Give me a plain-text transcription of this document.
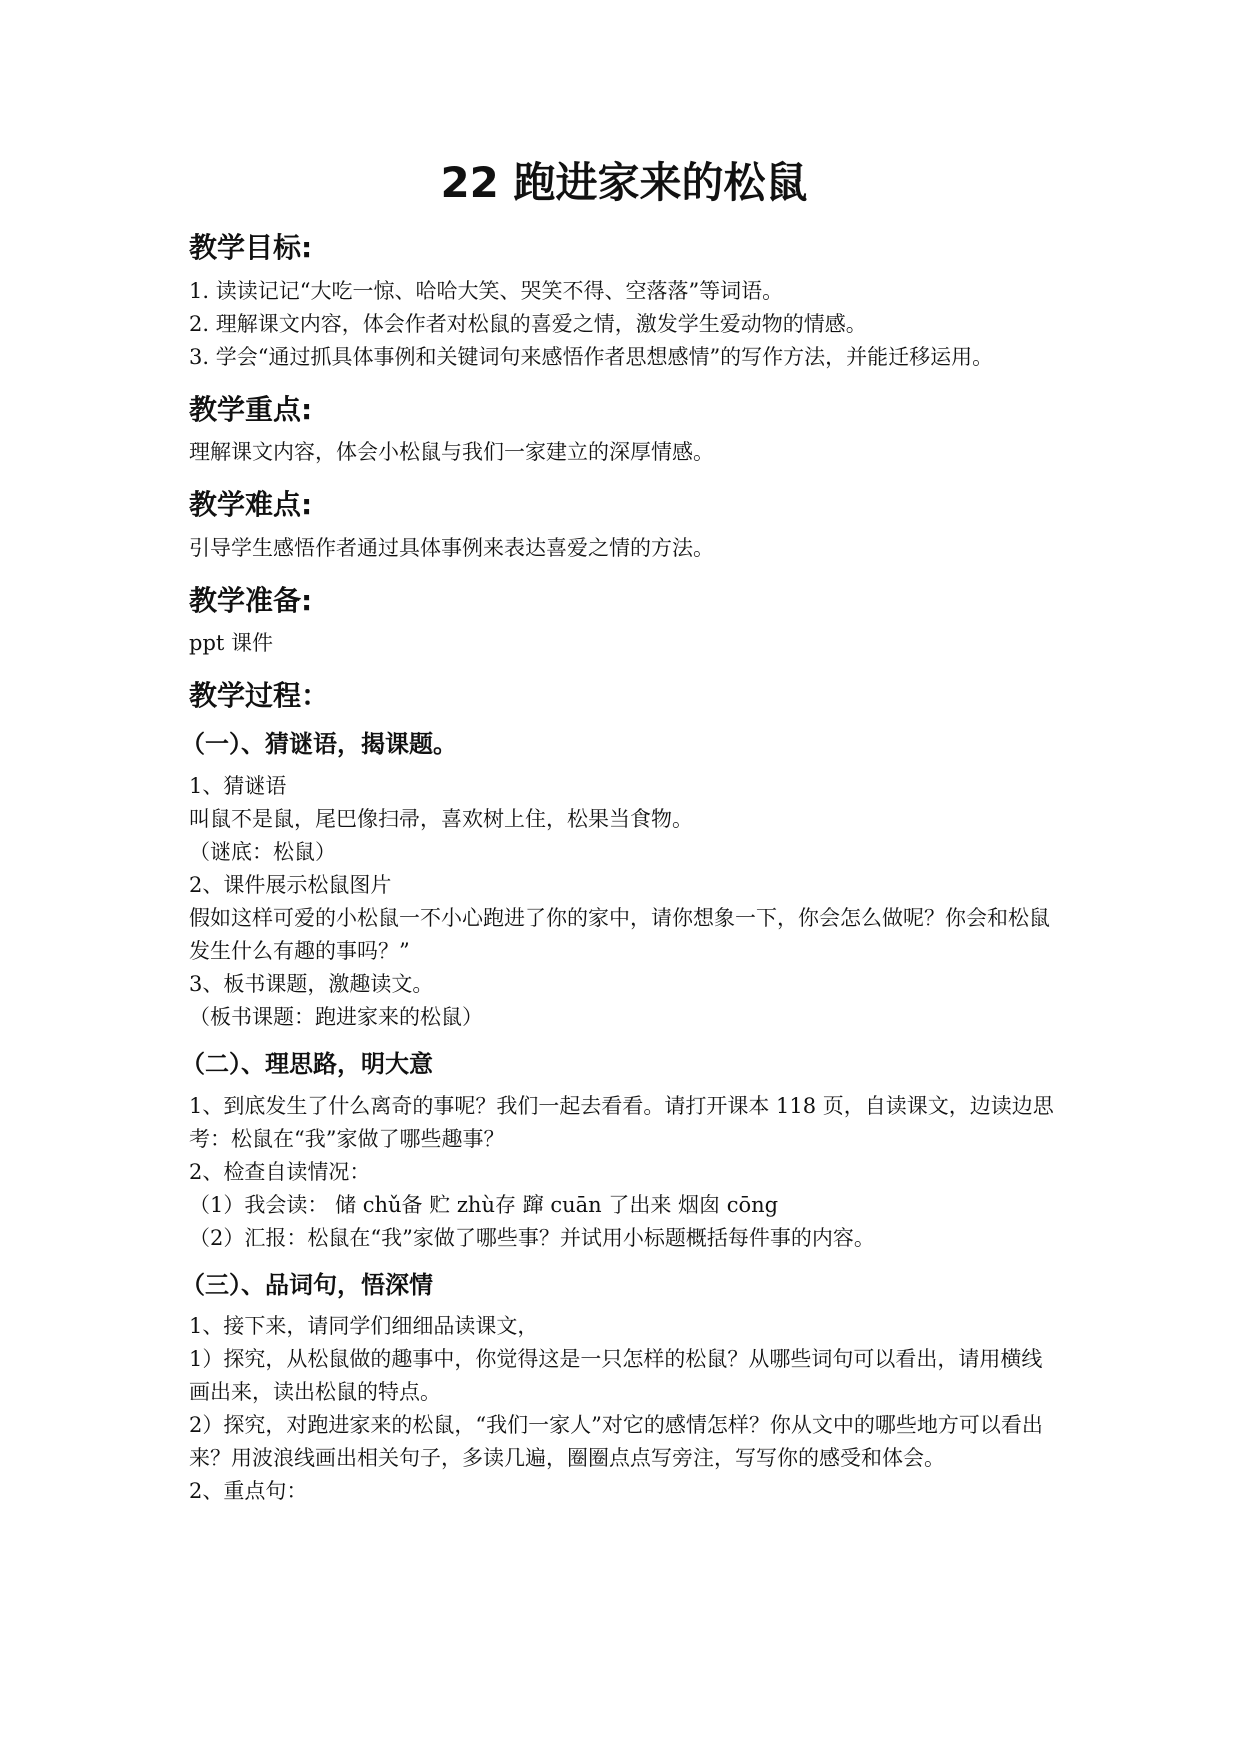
22 跑进家来的松鼠
教学目标:

1. 读读记记“大吃一惊、哈哈大笑、哭笑不得、空落落”等词语。

2. 理解课文内容，体会作者对松鼠的喜爱之情，激发学生爱动物的情感。

3. 学会“通过抓具体事例和关键词句来感悟作者思想感情”的写作方法，并能迁移运用。

教学重点:

理解课文内容，体会小松鼠与我们一家建立的深厚情感。

教学难点:

引导学生感悟作者通过具体事例来表达喜爱之情的方法。

教学准备:

ppt 课件

教学过程：
（一）、猜谜语，揭课题。

1、猜谜语

叫鼠不是鼠，尾巴像扫帚，喜欢树上住，松果当食物。

（谜底：松鼠）

2、课件展示松鼠图片

假如这样可爱的小松鼠一不小心跑进了你的家中，请你想象一下，你会怎么做呢？你会和松鼠发生什么有趣的事吗？”

3、板书课题，激趣读文。

（板书课题：跑进家来的松鼠）

（二）、理思路，明大意

1、到底发生了什么离奇的事呢？我们一起去看看。请打开课本 118 页，自读课文，边读边思考：松鼠在“我”家做了哪些趣事？

2、检查自读情况：

（1）我会读： 储 chǔ备 贮 zhù存 蹿 cuān 了出来 烟囱 cōng

（2）汇报：松鼠在“我”家做了哪些事？并试用小标题概括每件事的内容。

（三）、品词句，悟深情

1、接下来，请同学们细细品读课文，

1）探究，从松鼠做的趣事中，你觉得这是一只怎样的松鼠？从哪些词句可以看出，请用横线画出来，读出松鼠的特点。

2）探究，对跑进家来的松鼠，“我们一家人”对它的感情怎样？你从文中的哪些地方可以看出来？用波浪线画出相关句子，多读几遍，圈圈点点写旁注，写写你的感受和体会。

2、重点句：
